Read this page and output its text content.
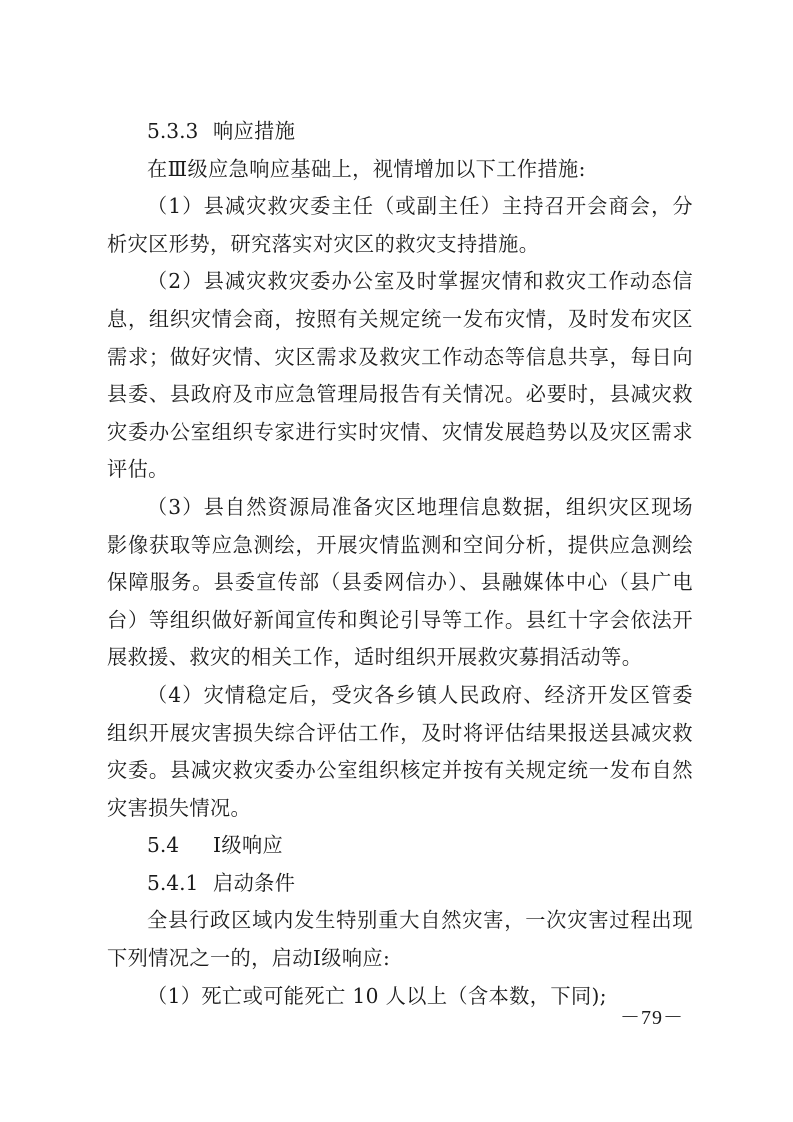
5.3.3 响应措施

在Ⅲ级应急响应基础上，视情增加以下工作措施:

（1）县减灾救灾委主任（或副主任）主持召开会商会，分析灾区形势，研究落实对灾区的救灾支持措施。

（2）县减灾救灾委办公室及时掌握灾情和救灾工作动态信息，组织灾情会商，按照有关规定统一发布灾情，及时发布灾区需求；做好灾情、灾区需求及救灾工作动态等信息共享，每日向县委、县政府及市应急管理局报告有关情况。必要时，县减灾救灾委办公室组织专家进行实时灾情、灾情发展趋势以及灾区需求评估。

（3）县自然资源局准备灾区地理信息数据，组织灾区现场影像获取等应急测绘，开展灾情监测和空间分析，提供应急测绘保障服务。县委宣传部（县委网信办）、县融媒体中心（县广电台）等组织做好新闻宣传和舆论引导等工作。县红十字会依法开展救援、救灾的相关工作，适时组织开展救灾募捐活动等。

（4）灾情稳定后，受灾各乡镇人民政府、经济开发区管委组织开展灾害损失综合评估工作，及时将评估结果报送县减灾救灾委。县减灾救灾委办公室组织核定并按有关规定统一发布自然灾害损失情况。

5.4 Ⅰ级响应
5.4.1 启动条件

全县行政区域内发生特别重大自然灾害，一次灾害过程出现下列情况之一的，启动Ⅰ级响应:

（1）死亡或可能死亡 10 人以上（含本数，下同);

－79－
